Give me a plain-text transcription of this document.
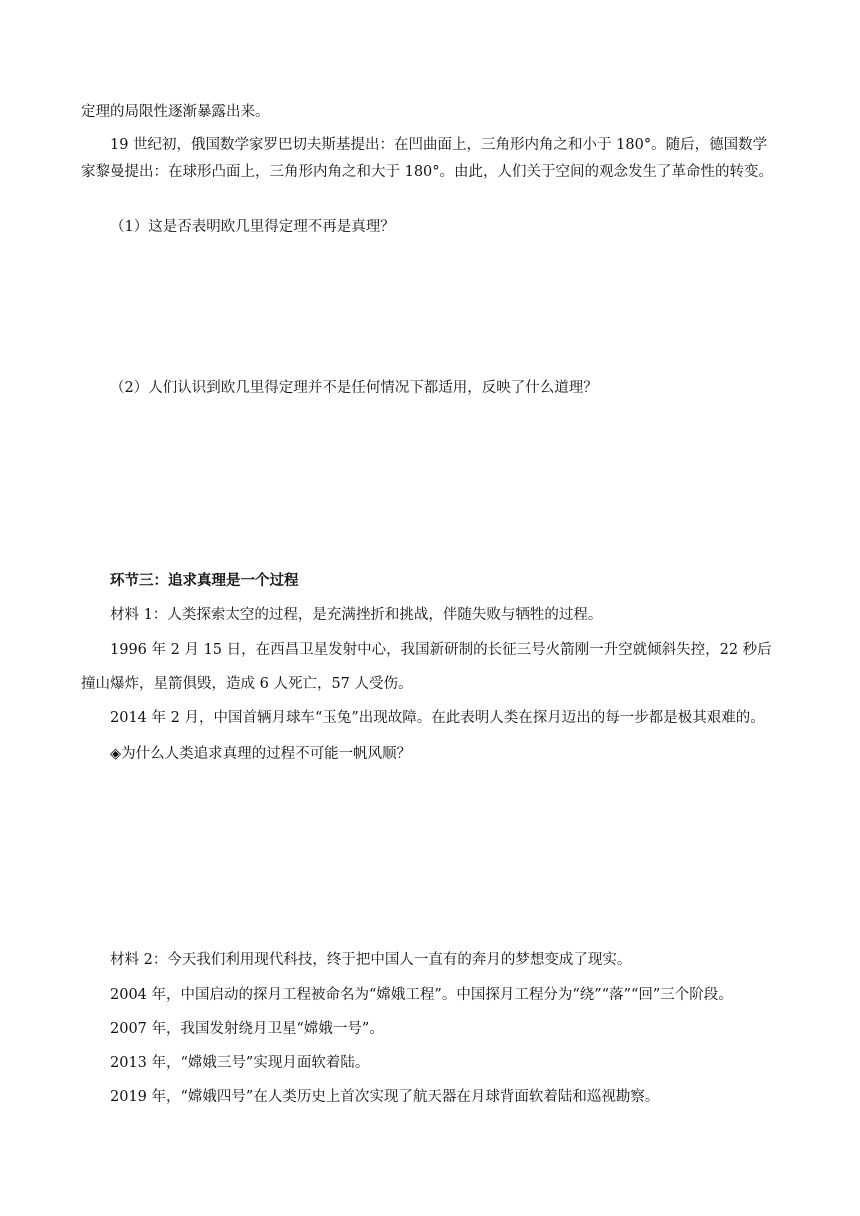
定理的局限性逐渐暴露出来。
19 世纪初，俄国数学家罗巴切夫斯基提出：在凹曲面上，三角形内角之和小于 180°。随后，德国数学
家黎曼提出：在球形凸面上，三角形内角之和大于 180°。由此，人们关于空间的观念发生了革命性的转变。
（1）这是否表明欧几里得定理不再是真理？
（2）人们认识到欧几里得定理并不是任何情况下都适用，反映了什么道理？
环节三：追求真理是一个过程
材料 1：人类探索太空的过程，是充满挫折和挑战，伴随失败与牺牲的过程。
1996 年 2 月 15 日，在西昌卫星发射中心，我国新研制的长征三号火箭刚一升空就倾斜失控，22 秒后
撞山爆炸，星箭俱毁，造成 6 人死亡，57 人受伤。
2014 年 2 月，中国首辆月球车“玉兔”出现故障。在此表明人类在探月迈出的每一步都是极其艰难的。
◈为什么人类追求真理的过程不可能一帆风顺？
材料 2：今天我们利用现代科技，终于把中国人一直有的奔月的梦想变成了现实。
2004 年，中国启动的探月工程被命名为“嫦娥工程”。中国探月工程分为“绕”“落”“回”三个阶段。
2007 年，我国发射绕月卫星“嫦娥一号”。
2013 年，“嫦娥三号”实现月面软着陆。
2019 年，“嫦娥四号”在人类历史上首次实现了航天器在月球背面软着陆和巡视勘察。
